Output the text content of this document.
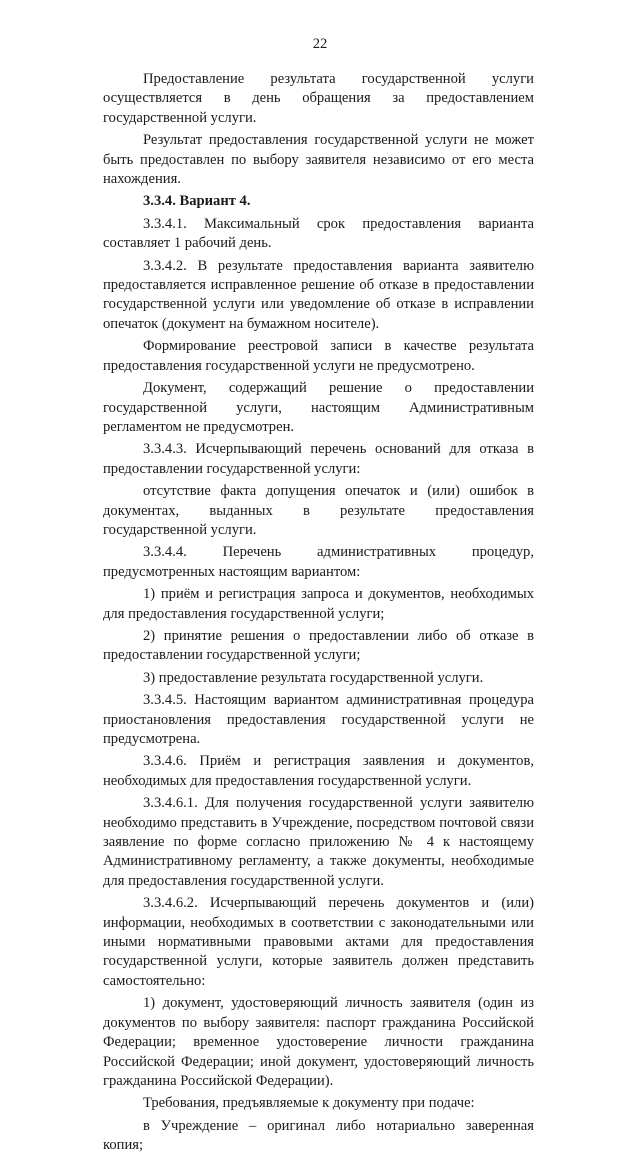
22

Предоставление результата государственной услуги осуществляется в день обращения за предоставлением государственной услуги.

Результат предоставления государственной услуги не может быть предоставлен по выбору заявителя независимо от его места нахождения.

3.3.4. Вариант 4.

3.3.4.1. Максимальный срок предоставления варианта составляет 1 рабочий день.

3.3.4.2. В результате предоставления варианта заявителю предоставляется исправленное решение об отказе в предоставлении государственной услуги или уведомление об отказе в исправлении опечаток (документ на бумажном носителе).

Формирование реестровой записи в качестве результата предоставления государственной услуги не предусмотрено.

Документ, содержащий решение о предоставлении государственной услуги, настоящим Административным регламентом не предусмотрен.

3.3.4.3. Исчерпывающий перечень оснований для отказа в предоставлении государственной услуги:

отсутствие факта допущения опечаток и (или) ошибок в документах, выданных в результате предоставления государственной услуги.

3.3.4.4. Перечень административных процедур, предусмотренных настоящим вариантом:

1) приём и регистрация запроса и документов, необходимых для предоставления государственной услуги;

2) принятие решения о предоставлении либо об отказе в предоставлении государственной услуги;

3) предоставление результата государственной услуги.

3.3.4.5. Настоящим вариантом административная процедура приостановления предоставления государственной услуги не предусмотрена.

3.3.4.6. Приём и регистрация заявления и документов, необходимых для предоставления государственной услуги.

3.3.4.6.1. Для получения государственной услуги заявителю необходимо представить в Учреждение, посредством почтовой связи заявление по форме согласно приложению № 4 к настоящему Административному регламенту, а также документы, необходимые для предоставления государственной услуги.

3.3.4.6.2. Исчерпывающий перечень документов и (или) информации, необходимых в соответствии с законодательными или иными нормативными правовыми актами для предоставления государственной услуги, которые заявитель должен представить самостоятельно:

1) документ, удостоверяющий личность заявителя (один из документов по выбору заявителя: паспорт гражданина Российской Федерации; временное удостоверение личности гражданина Российской Федерации; иной документ, удостоверяющий личность гражданина Российской Федерации).

Требования, предъявляемые к документу при подаче:

в Учреждение – оригинал либо нотариально заверенная копия;
